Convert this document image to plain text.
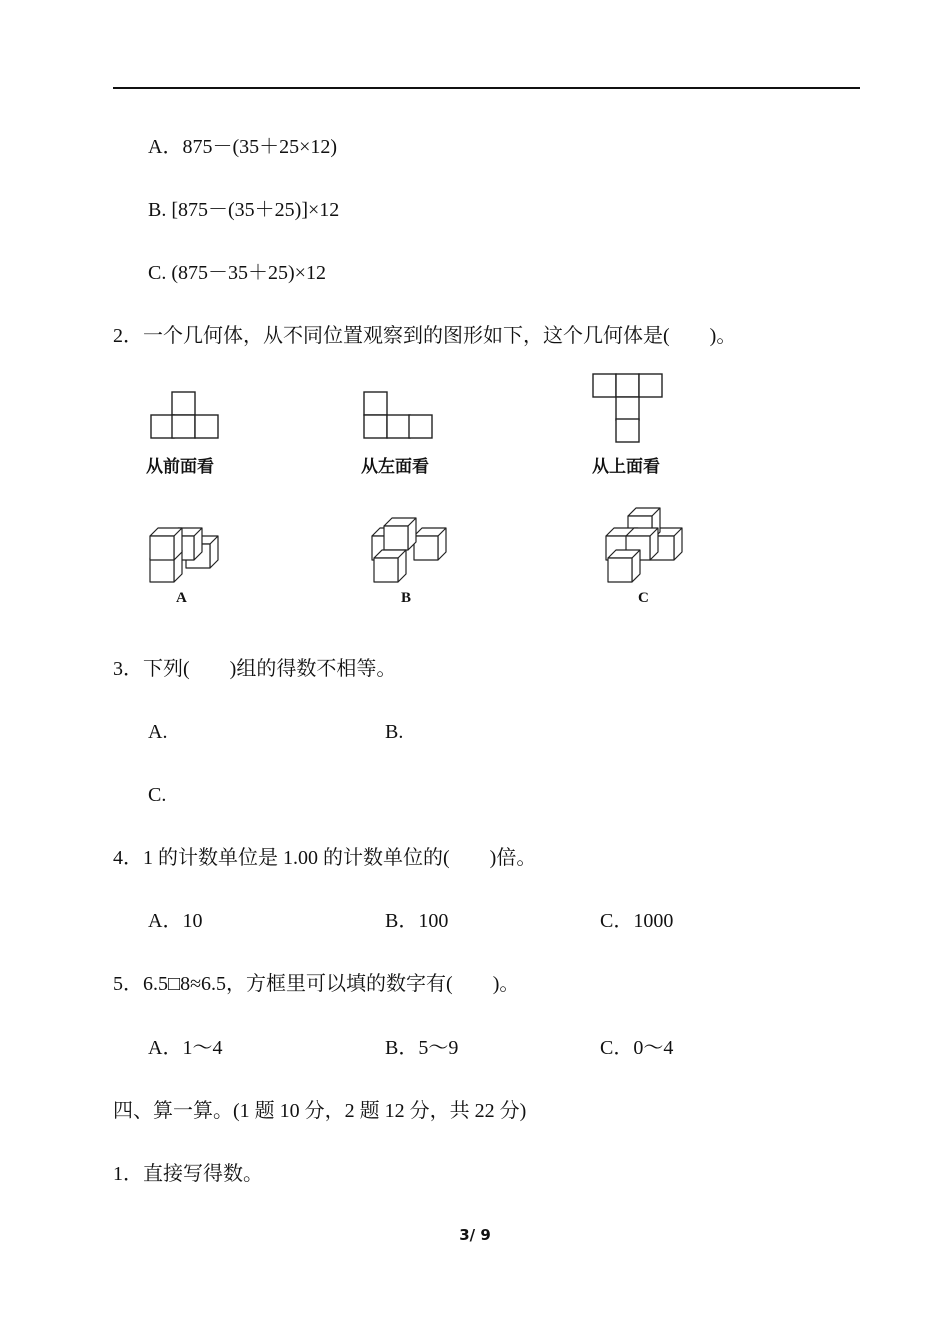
A．875－(35＋25×12)
B. [875－(35＋25)]×12
C. (875－35＋25)×12
2．一个几何体，从不同位置观察到的图形如下，这个几何体是(　　)。
从前面看	从左面看	从上面看
A	B	C
3．下列(　　)组的得数不相等。
A.	B.
C.
4．1 的计数单位是 1.00 的计数单位的(　　)倍。
A．10	B．100	C．1000
5．6.5□8≈6.5，方框里可以填的数字有(　　)。
A．1～4	B．5～9	C．0～4
四、算一算。(1 题 10 分，2 题 12 分，共 22 分)
1．直接写得数。
3/ 9
